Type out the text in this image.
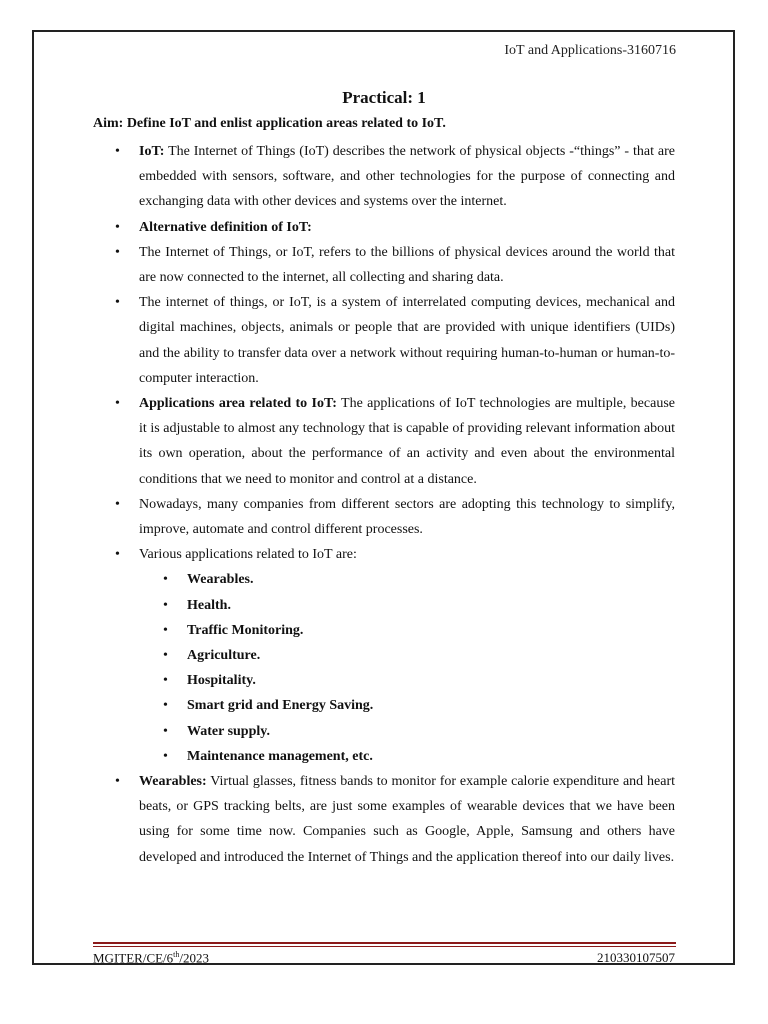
IoT and Applications-3160716
Practical: 1
Aim: Define IoT and enlist application areas related to IoT.
• IoT: The Internet of Things (IoT) describes the network of physical objects -“things” - that are embedded with sensors, software, and other technologies for the purpose of connecting and exchanging data with other devices and systems over the internet.
• Alternative definition of IoT:
• The Internet of Things, or IoT, refers to the billions of physical devices around the world that are now connected to the internet, all collecting and sharing data.
• The internet of things, or IoT, is a system of interrelated computing devices, mechanical and digital machines, objects, animals or people that are provided with unique identifiers (UIDs) and the ability to transfer data over a network without requiring human-to-human or human-to-computer interaction.
• Applications area related to IoT: The applications of IoT technologies are multiple, because it is adjustable to almost any technology that is capable of providing relevant information about its own operation, about the performance of an activity and even about the environmental conditions that we need to monitor and control at a distance.
• Nowadays, many companies from different sectors are adopting this technology to simplify, improve, automate and control different processes.
• Various applications related to IoT are:
• Wearables.
• Health.
• Traffic Monitoring.
• Agriculture.
• Hospitality.
• Smart grid and Energy Saving.
• Water supply.
• Maintenance management, etc.
• Wearables: Virtual glasses, fitness bands to monitor for example calorie expenditure and heart beats, or GPS tracking belts, are just some examples of wearable devices that we have been using for some time now. Companies such as Google, Apple, Samsung and others have developed and introduced the Internet of Things and the application thereof into our daily lives.
MGITER/CE/6th/2023	210330107507
